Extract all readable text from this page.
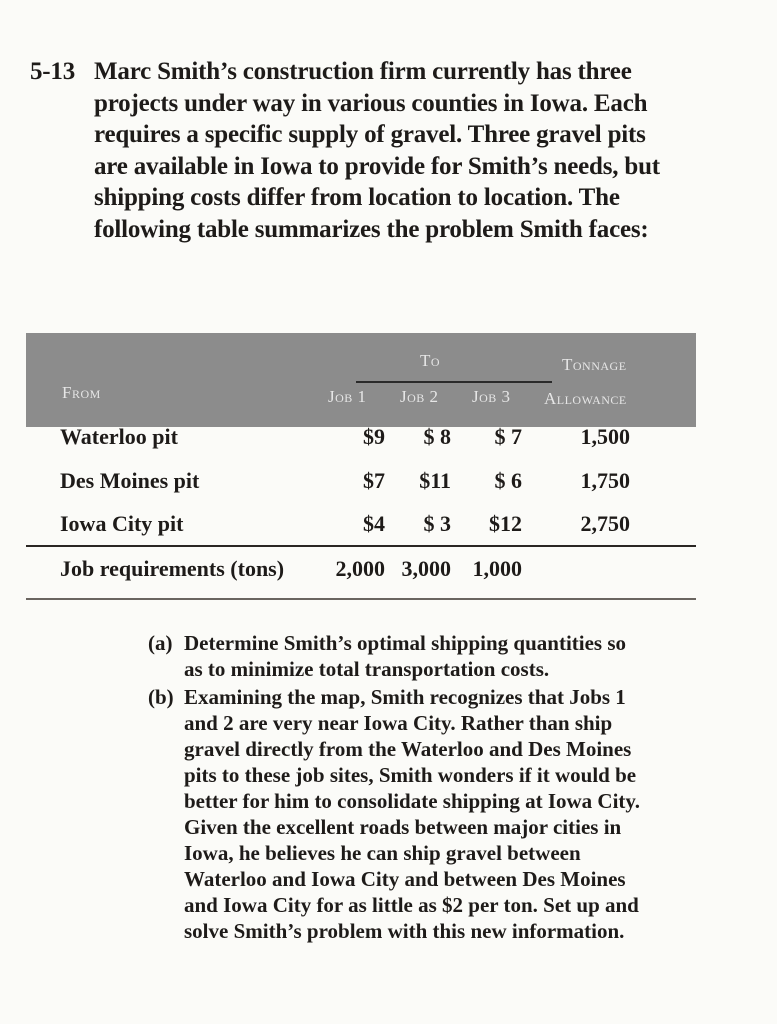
5-13 Marc Smith’s construction firm currently has three
projects under way in various counties in Iowa. Each
requires a specific supply of gravel. Three gravel pits
are available in Iowa to provide for Smith’s needs, but
shipping costs differ from location to location. The
following table summarizes the problem Smith faces:
To	Tonnage
From	Job 1 Job 2 Job 3 Allowance
Waterloo pit	$9 $ 8 $ 7	1,500
Des Moines pit	$7 $11 $ 6	1,750
Iowa City pit	$4 $ 3 $12	2,750
Job requirements (tons) 2,000 3,000 1,000
(a) Determine Smith’s optimal shipping quantities so
as to minimize total transportation costs.
(b) Examining the map, Smith recognizes that Jobs 1
and 2 are very near Iowa City. Rather than ship
gravel directly from the Waterloo and Des Moines
pits to these job sites, Smith wonders if it would be
better for him to consolidate shipping at Iowa City.
Given the excellent roads between major cities in
Iowa, he believes he can ship gravel between
Waterloo and Iowa City and between Des Moines
and Iowa City for as little as $2 per ton. Set up and
solve Smith’s problem with this new information.
